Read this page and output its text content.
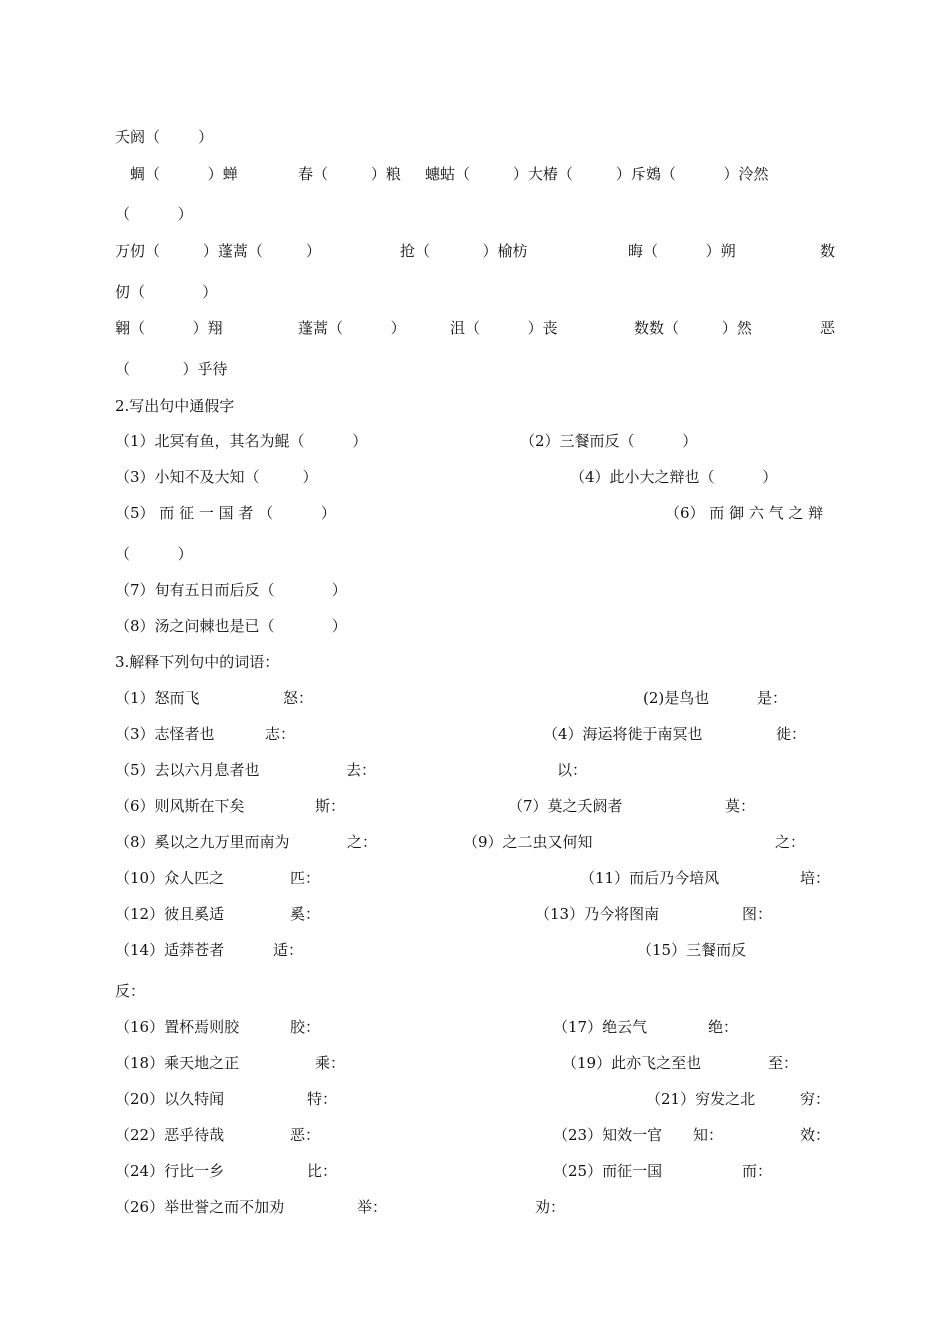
夭阏（        ）
蜩（          ）蝉	春（         ）粮 蟪蛄（         ）大椿（         ）斥鴳（          ）泠然
（          ）
万仞（         ）蓬蒿（         ）	抢（           ）榆枋	晦（          ）朔	数
仞（            ）
翱（          ）翔	蓬蒿（          ）	沮（          ）丧	数数（         ）然	恶
（           ）乎待
2.写出句中通假字
（1）北冥有鱼，其名为鲲（          ）	（2）三餐而反（          ）
（3）小知不及大知（         ）	（4）此小大之辩也（          ）
（5） 而 征 一 国 者 （          ）	（6） 而 御 六 气 之 辩
（          ）
（7）旬有五日而后反（            ）
（8）汤之问棘也是已（            ）
3.解释下列句中的词语：
（1）怒而飞	怒：	(2)是鸟也	是：
（3）志怪者也	志：	（4）海运将徙于南冥也	徙：
（5）去以六月息者也	去：	以：
（6）则风斯在下矣	斯：	（7）莫之夭阏者	莫：
（8）奚以之九万里而南为	之：	（9）之二虫又何知	之：
（10）众人匹之	匹：	（11）而后乃今培风	培：
（12）彼且奚适	奚：	（13）乃今将图南	图：
（14）适莽苍者	适：	（15）三餐而反
反：
（16）置杯焉则胶	胶：	（17）绝云气	绝：
（18）乘天地之正	乘：	（19）此亦飞之至也	至：
（20）以久特闻	特：	（21）穷发之北	穷：
（22）恶乎待哉	恶：	（23）知效一官 知：	效：
（24）行比一乡	比：	（25）而征一国	而：
（26）举世誉之而不加劝	举：	劝：
